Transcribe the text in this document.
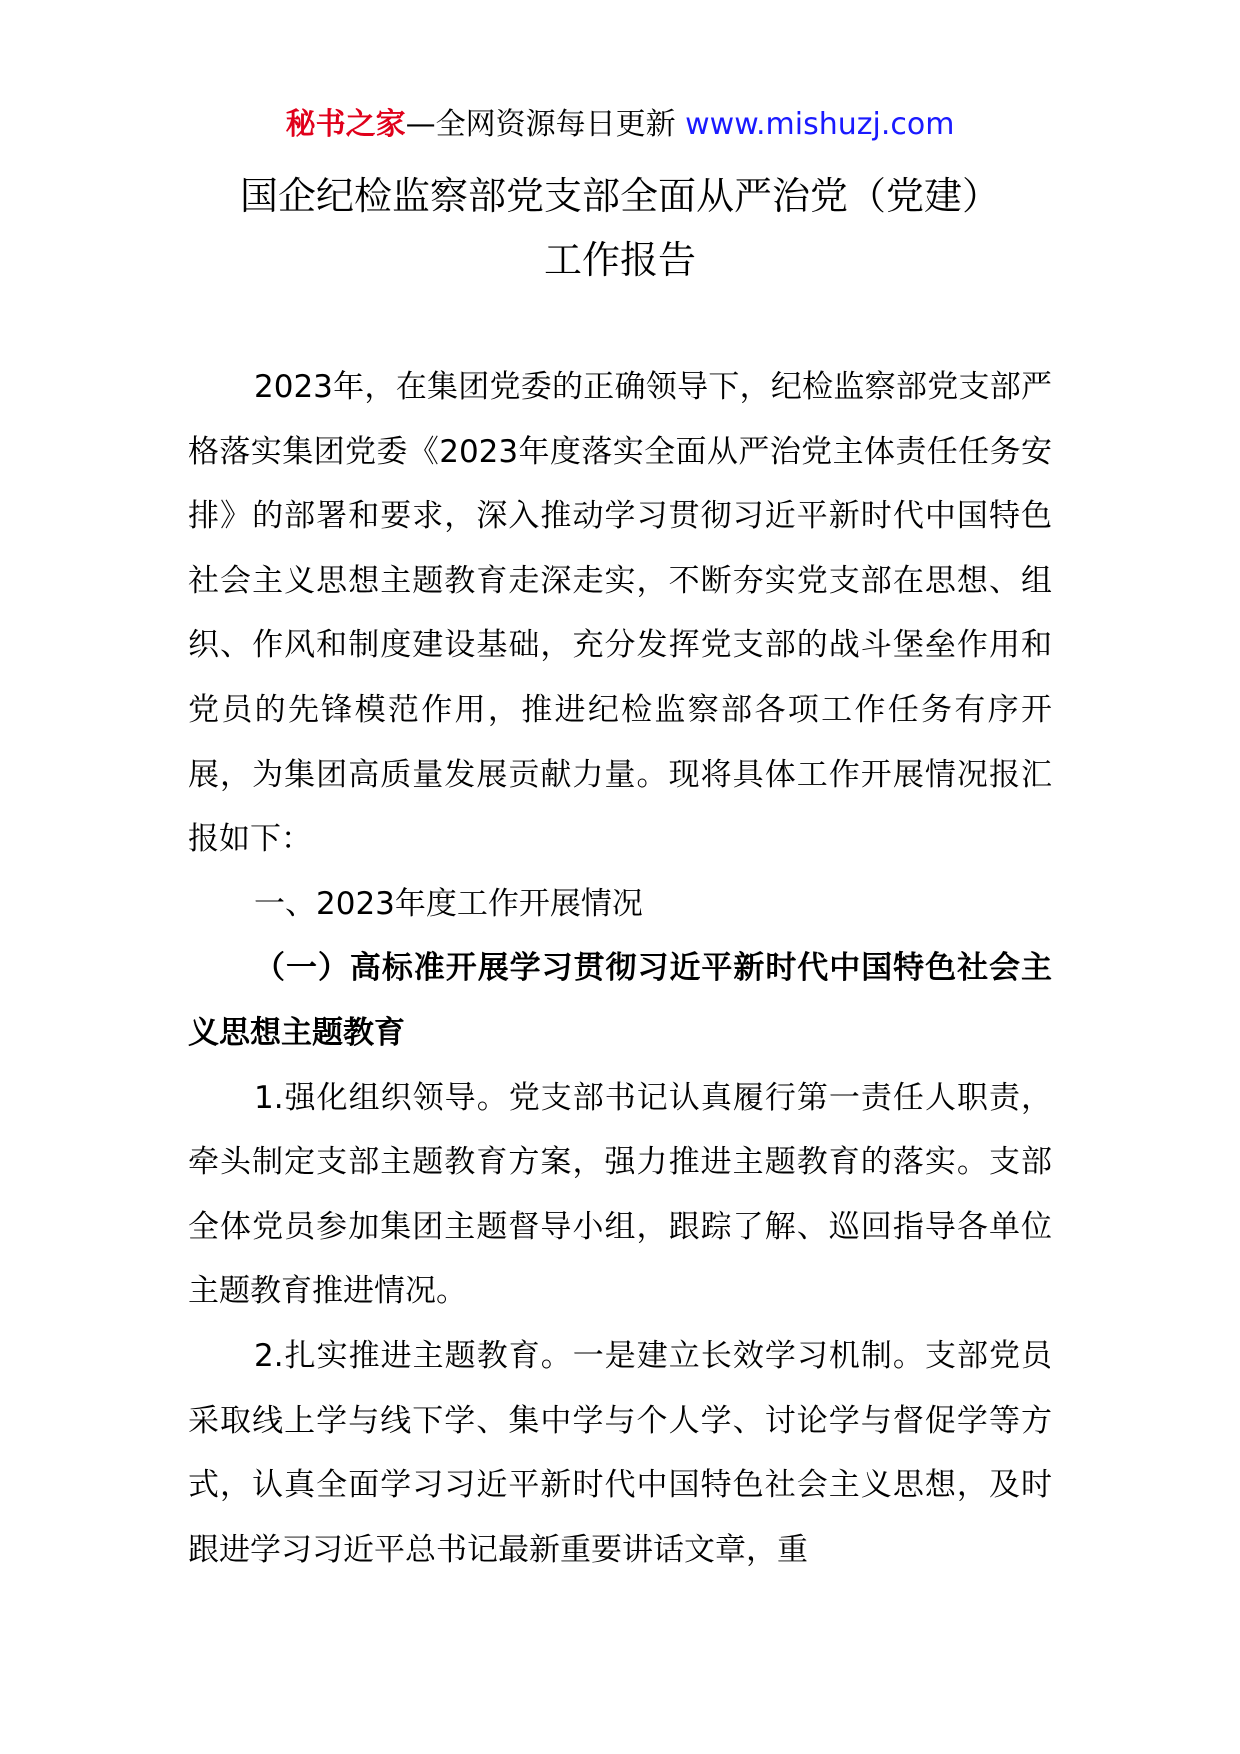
秘书之家—全网资源每日更新 www.mishuzj.com
国企纪检监察部党支部全面从严治党（党建）
工作报告

2023年，在集团党委的正确领导下，纪检监察部党支部严格落实集团党委《2023年度落实全面从严治党主体责任任务安排》的部署和要求，深入推动学习贯彻习近平新时代中国特色社会主义思想主题教育走深走实，不断夯实党支部在思想、组织、作风和制度建设基础，充分发挥党支部的战斗堡垒作用和党员的先锋模范作用，推进纪检监察部各项工作任务有序开展，为集团高质量发展贡献力量。现将具体工作开展情况报汇报如下：

一、2023年度工作开展情况

（一）高标准开展学习贯彻习近平新时代中国特色社会主义思想主题教育

1.强化组织领导。党支部书记认真履行第一责任人职责，牵头制定支部主题教育方案，强力推进主题教育的落实。支部全体党员参加集团主题督导小组，跟踪了解、巡回指导各单位主题教育推进情况。

2.扎实推进主题教育。一是建立长效学习机制。支部党员采取线上学与线下学、集中学与个人学、讨论学与督促学等方式，认真全面学习习近平新时代中国特色社会主义思想，及时跟进学习习近平总书记最新重要讲话文章，重
